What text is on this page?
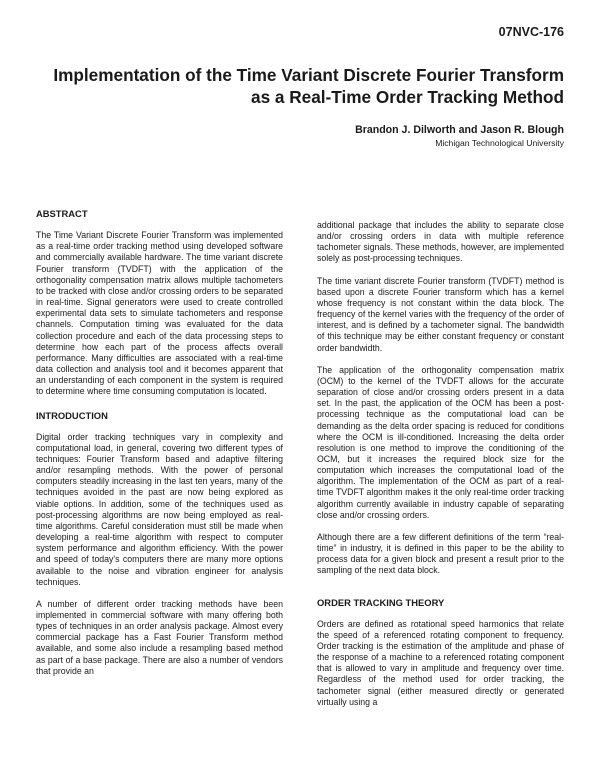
07NVC-176
Implementation of the Time Variant Discrete Fourier Transform
as a Real-Time Order Tracking Method
Brandon J. Dilworth and Jason R. Blough
Michigan Technological University
ABSTRACT

The Time Variant Discrete Fourier Transform was implemented as a real-time order tracking method using developed software and commercially available hardware. The time variant discrete Fourier transform (TVDFT) with the application of the orthogonality compensation matrix allows multiple tachometers to be tracked with close and/or crossing orders to be separated in real-time. Signal generators were used to create controlled experimental data sets to simulate tachometers and response channels. Computation timing was evaluated for the data collection procedure and each of the data processing steps to determine how each part of the process affects overall performance. Many difficulties are associated with a real-time data collection and analysis tool and it becomes apparent that an understanding of each component in the system is required to determine where time consuming computation is located.

INTRODUCTION

Digital order tracking techniques vary in complexity and computational load, in general, covering two different types of techniques: Fourier Transform based and adaptive filtering and/or resampling methods. With the power of personal computers steadily increasing in the last ten years, many of the techniques avoided in the past are now being explored as viable options. In addition, some of the techniques used as post-processing algorithms are now being employed as real-time algorithms. Careful consideration must still be made when developing a real-time algorithm with respect to computer system performance and algorithm efficiency. With the power and speed of today's computers there are many more options available to the noise and vibration engineer for analysis techniques.

A number of different order tracking methods have been implemented in commercial software with many offering both types of techniques in an order analysis package. Almost every commercial package has a Fast Fourier Transform method available, and some also include a resampling based method as part of a base package. There are also a number of vendors that provide an

additional package that includes the ability to separate close and/or crossing orders in data with multiple reference tachometer signals. These methods, however, are implemented solely as post-processing techniques.

The time variant discrete Fourier transform (TVDFT) method is based upon a discrete Fourier transform which has a kernel whose frequency is not constant within the data block. The frequency of the kernel varies with the frequency of the order of interest, and is defined by a tachometer signal. The bandwidth of this technique may be either constant frequency or constant order bandwidth.

The application of the orthogonality compensation matrix (OCM) to the kernel of the TVDFT allows for the accurate separation of close and/or crossing orders present in a data set. In the past, the application of the OCM has been a post-processing technique as the computational load can be demanding as the delta order spacing is reduced for conditions where the OCM is ill-conditioned. Increasing the delta order resolution is one method to improve the conditioning of the OCM, but it increases the required block size for the computation which increases the computational load of the algorithm. The implementation of the OCM as part of a real-time TVDFT algorithm makes it the only real-time order tracking algorithm currently available in industry capable of separating close and/or crossing orders.

Although there are a few different definitions of the term “real-time” in industry, it is defined in this paper to be the ability to process data for a given block and present a result prior to the sampling of the next data block.

ORDER TRACKING THEORY

Orders are defined as rotational speed harmonics that relate the speed of a referenced rotating component to frequency. Order tracking is the estimation of the amplitude and phase of the response of a machine to a referenced rotating component that is allowed to vary in amplitude and frequency over time. Regardless of the method used for order tracking, the tachometer signal (either measured directly or generated virtually using a
